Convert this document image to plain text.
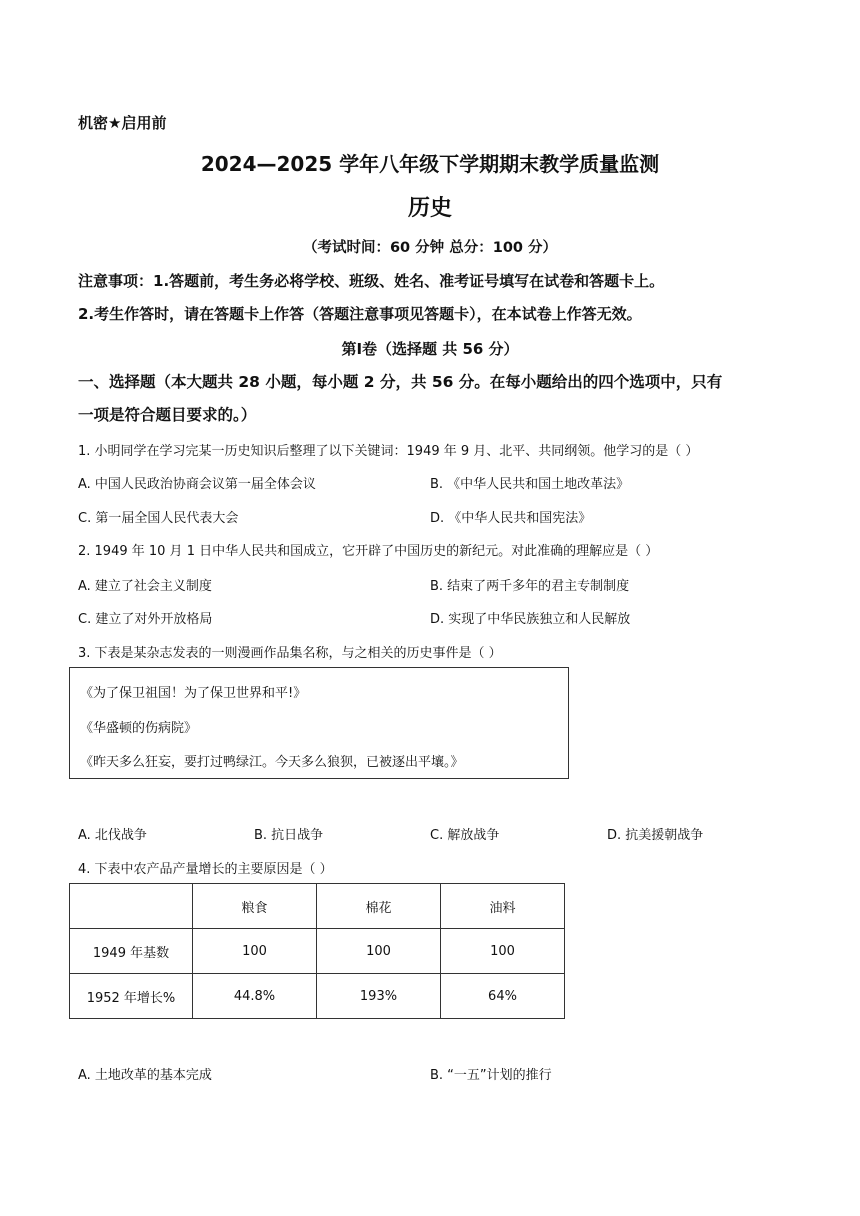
机密★启用前
2024—2025 学年八年级下学期期末教学质量监测
历史
（考试时间：60 分钟 总分：100 分）
注意事项：1.答题前，考生务必将学校、班级、姓名、准考证号填写在试卷和答题卡上。
2.考生作答时，请在答题卡上作答（答题注意事项见答题卡），在本试卷上作答无效。
第Ⅰ卷（选择题 共 56 分）
一、选择题（本大题共 28 小题，每小题 2 分，共 56 分。在每小题给出的四个选项中，只有
一项是符合题目要求的。）
1. 小明同学在学习完某一历史知识后整理了以下关键词：1949 年 9 月、北平、共同纲领。他学习的是（ ）
A. 中国人民政治协商会议第一届全体会议	B. 《中华人民共和国土地改革法》
C. 第一届全国人民代表大会	D. 《中华人民共和国宪法》
2. 1949 年 10 月 1 日中华人民共和国成立，它开辟了中国历史的新纪元。对此准确的理解应是（ ）
A. 建立了社会主义制度	B. 结束了两千多年的君主专制制度
C. 建立了对外开放格局	D. 实现了中华民族独立和人民解放
3. 下表是某杂志发表的一则漫画作品集名称，与之相关的历史事件是（ ）
《为了保卫祖国！为了保卫世界和平!》
《华盛顿的伤病院》
《昨天多么狂妄，要打过鸭绿江。今天多么狼狈，已被逐出平壤。》
A. 北伐战争	B. 抗日战争	C. 解放战争	D. 抗美援朝战争
4. 下表中农产品产量增长的主要原因是（ ）
	粮食	棉花	油料
1949 年基数	100	100	100
1952 年增长%	44.8%	193%	64%
A. 土地改革的基本完成	B. “一五”计划的推行
